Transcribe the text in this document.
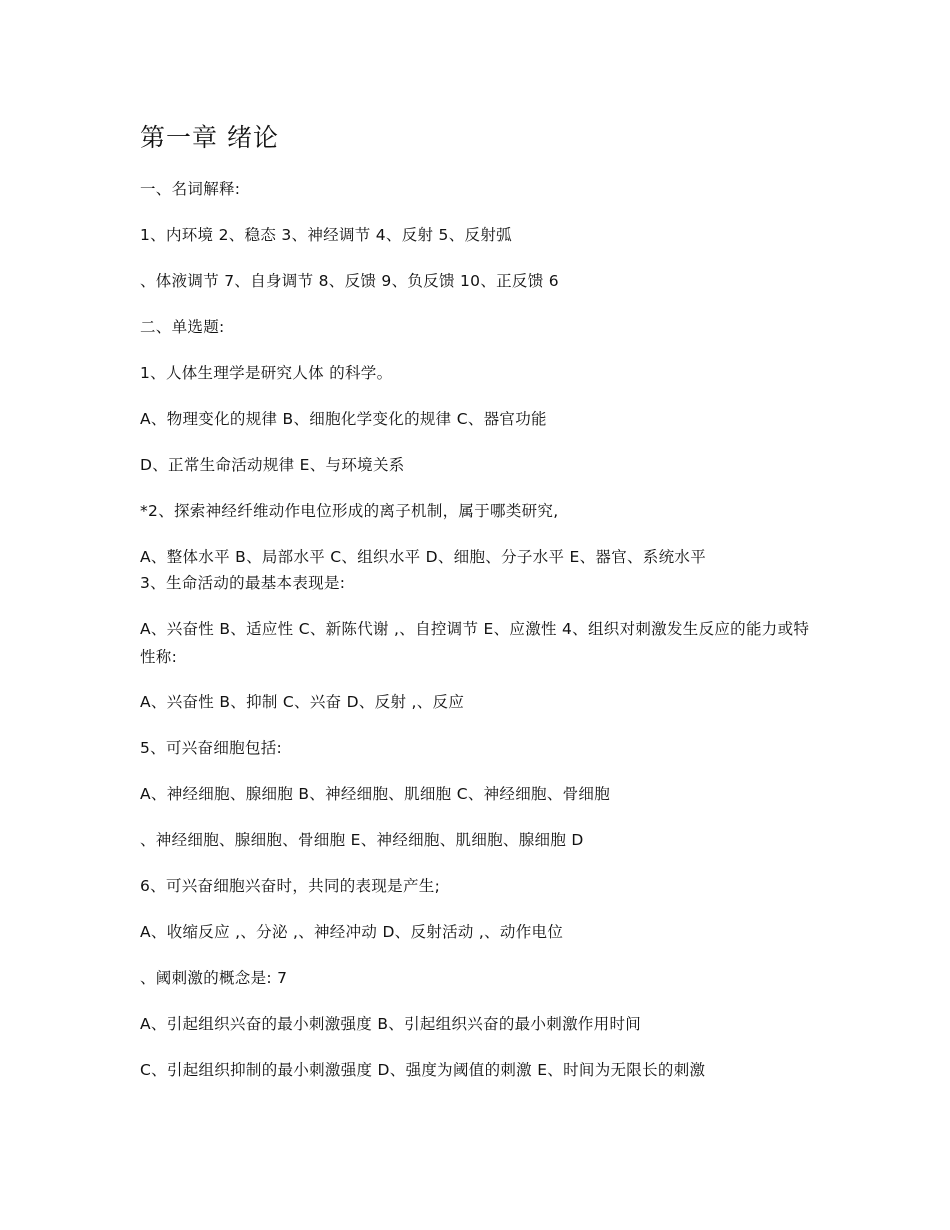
第一章 绪论
一、名词解释:
1、内环境 2、稳态 3、神经调节 4、反射 5、反射弧
、体液调节 7、自身调节 8、反馈 9、负反馈 10、正反馈 6
二、单选题:
1、人体生理学是研究人体 的科学。
A、物理变化的规律 B、细胞化学变化的规律 C、器官功能
D、正常生命活动规律 E、与环境关系
*2、探索神经纤维动作电位形成的离子机制，属于哪类研究,
A、整体水平 B、局部水平 C、组织水平 D、细胞、分子水平 E、器官、系统水平
3、生命活动的最基本表现是:
A、兴奋性 B、适应性 C、新陈代谢 ,、自控调节 E、应激性 4、组织对刺激发生反应的能力或特性称:
A、兴奋性 B、抑制 C、兴奋 D、反射 ,、反应
5、可兴奋细胞包括:
A、神经细胞、腺细胞 B、神经细胞、肌细胞 C、神经细胞、骨细胞
、神经细胞、腺细胞、骨细胞 E、神经细胞、肌细胞、腺细胞 D
6、可兴奋细胞兴奋时，共同的表现是产生;
A、收缩反应 ,、分泌 ,、神经冲动 D、反射活动 ,、动作电位
、阈刺激的概念是: 7
A、引起组织兴奋的最小刺激强度 B、引起组织兴奋的最小刺激作用时间
C、引起组织抑制的最小刺激强度 D、强度为阈值的刺激 E、时间为无限长的刺激
